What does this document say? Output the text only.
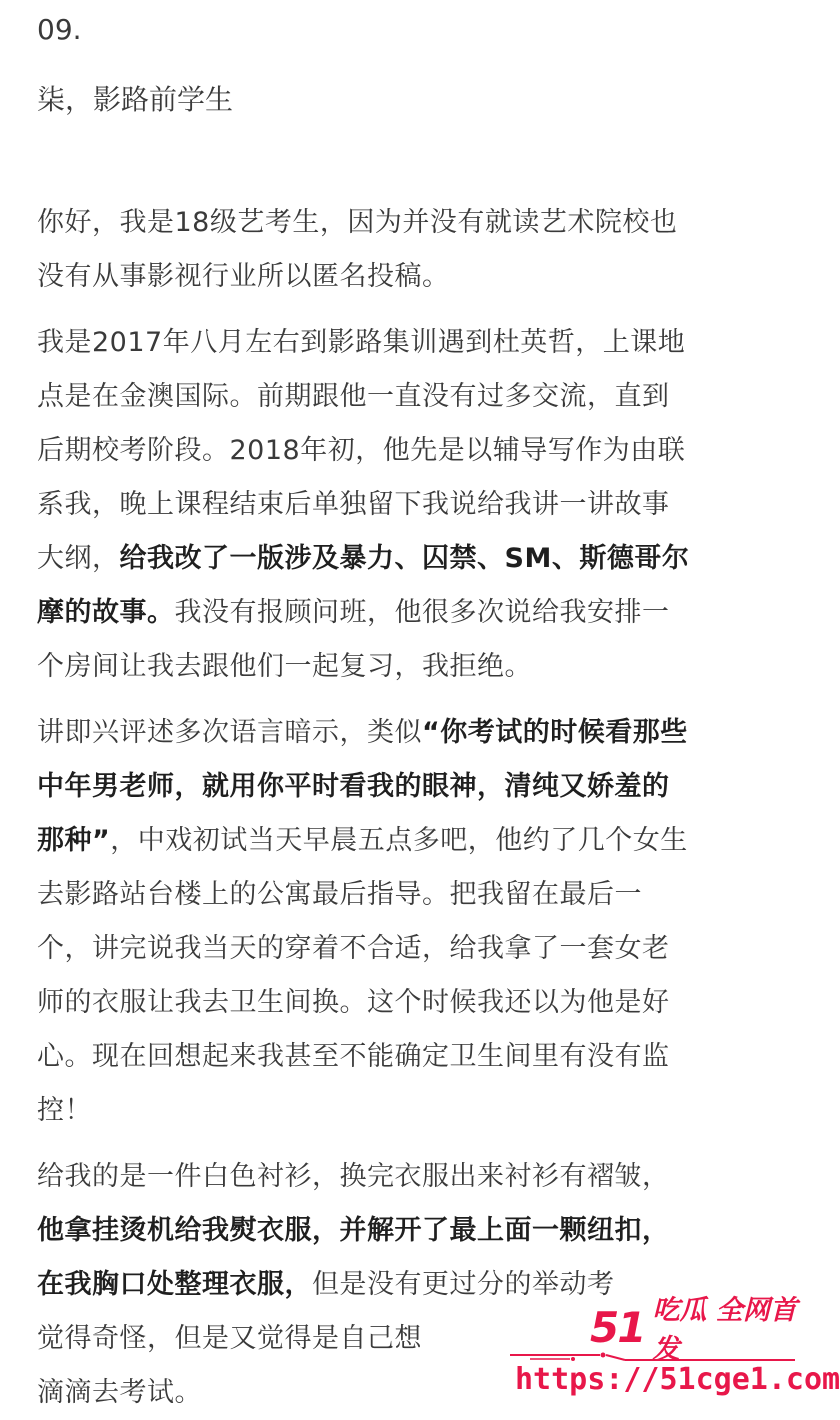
09.

柒，影路前学生

你好，我是18级艺考生，因为并没有就读艺术院校也

没有从事影视行业所以匿名投稿。

我是2017年八月左右到影路集训遇到杜英哲，上课地

点是在金澳国际。前期跟他一直没有过多交流，直到

后期校考阶段。2018年初，他先是以辅导写作为由联

系我，晚上课程结束后单独留下我说给我讲一讲故事

大纲，给我改了一版涉及暴力、囚禁、SM、斯德哥尔

摩的故事。我没有报顾问班，他很多次说给我安排一

个房间让我去跟他们一起复习，我拒绝。

讲即兴评述多次语言暗示，类似“你考试的时候看那些

中年男老师，就用你平时看我的眼神，清纯又娇羞的

那种”，中戏初试当天早晨五点多吧，他约了几个女生

去影路站台楼上的公寓最后指导。把我留在最后一

个，讲完说我当天的穿着不合适，给我拿了一套女老

师的衣服让我去卫生间换。这个时候我还以为他是好

心。现在回想起来我甚至不能确定卫生间里有没有监

控！

给我的是一件白色衬衫，换完衣服出来衬衫有褶皱，

他拿挂烫机给我熨衣服，并解开了最上面一颗纽扣，

在我胸口处整理衣服，但是没有更过分的举动考

觉得奇怪，但是又觉得是自己想

滴滴去考试。

51 吃瓜 全网首发
https://51cge1.com
